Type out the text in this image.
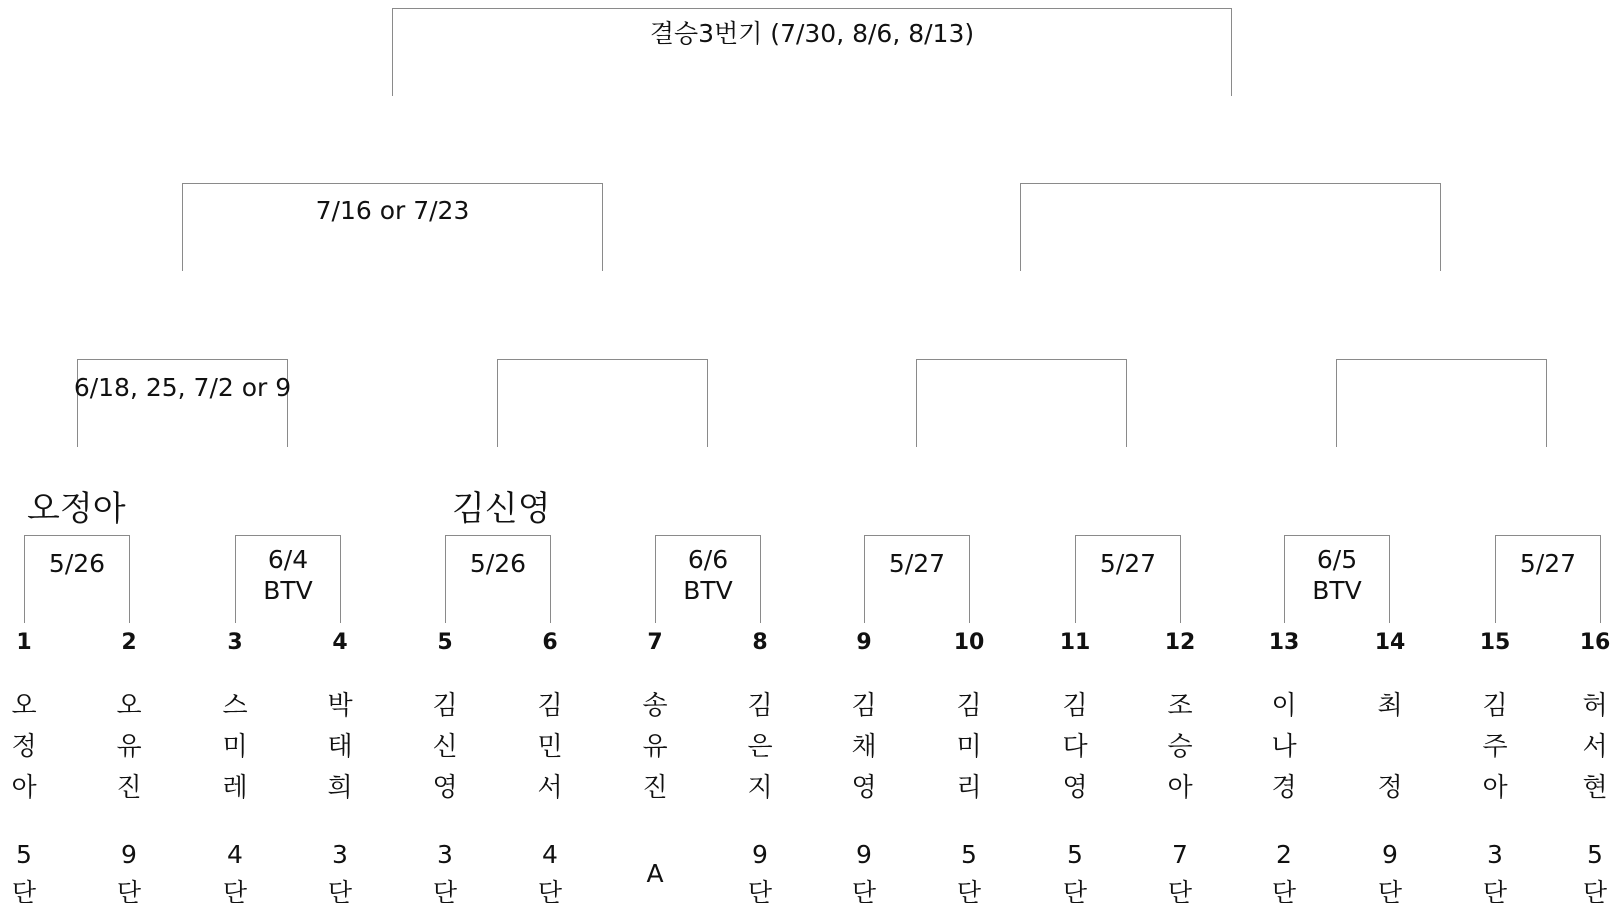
결승3번기 (7/30, 8/6, 8/13)
7/16 or 7/23
6/18, 25, 7/2 or 9
오정아	김신영
5/26	6/4
BTV
5/26	6/6
BTV
5/27	5/27	6/5
BTV
5/27
1
오
정
아
5
단
2
오
유
진
9
단
3
스
미
레
4
단
4
박
태
희
3
단
5
김
신
영
3
단
6
김
민
서
4
단
7
송
유
진
A
8
김
은
지
9
단
9
김
채
영
9
단
10
김
미
리
5
단
11
김
다
영
5
단
12
조
승
아
7
단
13
이
나
경
2
단
14
최

정
9
단
15
김
주
아
3
단
16
허
서
현
5
단
